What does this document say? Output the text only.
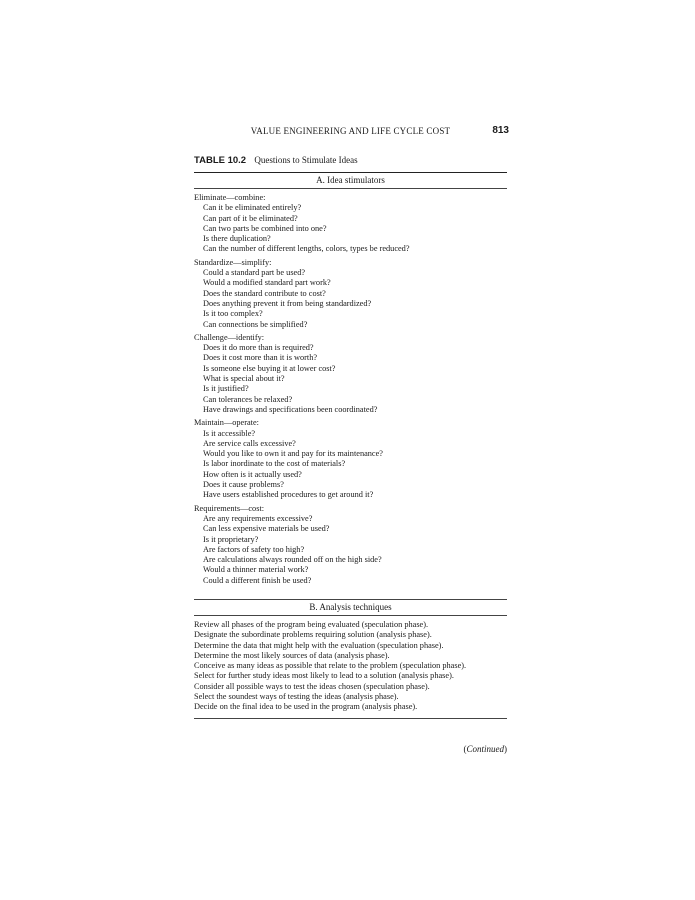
VALUE ENGINEERING AND LIFE CYCLE COST	813
TABLE 10.2 Questions to Stimulate Ideas
A. Idea stimulators
Eliminate—combine:
Can it be eliminated entirely?
Can part of it be eliminated?
Can two parts be combined into one?
Is there duplication?
Can the number of different lengths, colors, types be reduced?
Standardize—simplify:
Could a standard part be used?
Would a modified standard part work?
Does the standard contribute to cost?
Does anything prevent it from being standardized?
Is it too complex?
Can connections be simplified?
Challenge—identify:
Does it do more than is required?
Does it cost more than it is worth?
Is someone else buying it at lower cost?
What is special about it?
Is it justified?
Can tolerances be relaxed?
Have drawings and specifications been coordinated?
Maintain—operate:
Is it accessible?
Are service calls excessive?
Would you like to own it and pay for its maintenance?
Is labor inordinate to the cost of materials?
How often is it actually used?
Does it cause problems?
Have users established procedures to get around it?
Requirements—cost:
Are any requirements excessive?
Can less expensive materials be used?
Is it proprietary?
Are factors of safety too high?
Are calculations always rounded off on the high side?
Would a thinner material work?
Could a different finish be used?
B. Analysis techniques
Review all phases of the program being evaluated (speculation phase).
Designate the subordinate problems requiring solution (analysis phase).
Determine the data that might help with the evaluation (speculation phase).
Determine the most likely sources of data (analysis phase).
Conceive as many ideas as possible that relate to the problem (speculation phase).
Select for further study ideas most likely to lead to a solution (analysis phase).
Consider all possible ways to test the ideas chosen (speculation phase).
Select the soundest ways of testing the ideas (analysis phase).
Decide on the final idea to be used in the program (analysis phase).
(Continued)
